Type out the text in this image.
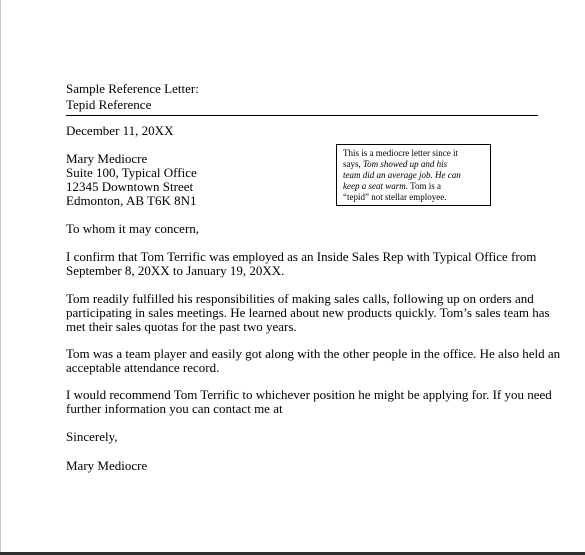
Sample Reference Letter:
Tepid Reference
December 11, 20XX
Mary Mediocre
Suite 100, Typical Office
12345 Downtown Street
Edmonton, AB T6K 8N1
This is a mediocre letter since it
says, Tom showed up and his
team did an average job. He can
keep a seat warm. Tom is a
“tepid” not stellar employee.
To whom it may concern,
I confirm that Tom Terrific was employed as an Inside Sales Rep with Typical Office from
September 8, 20XX to January 19, 20XX.
Tom readily fulfilled his responsibilities of making sales calls, following up on orders and
participating in sales meetings. He learned about new products quickly. Tom’s sales team has
met their sales quotas for the past two years.
Tom was a team player and easily got along with the other people in the office. He also held an
acceptable attendance record.
I would recommend Tom Terrific to whichever position he might be applying for. If you need
further information you can contact me at
Sincerely,
Mary Mediocre
